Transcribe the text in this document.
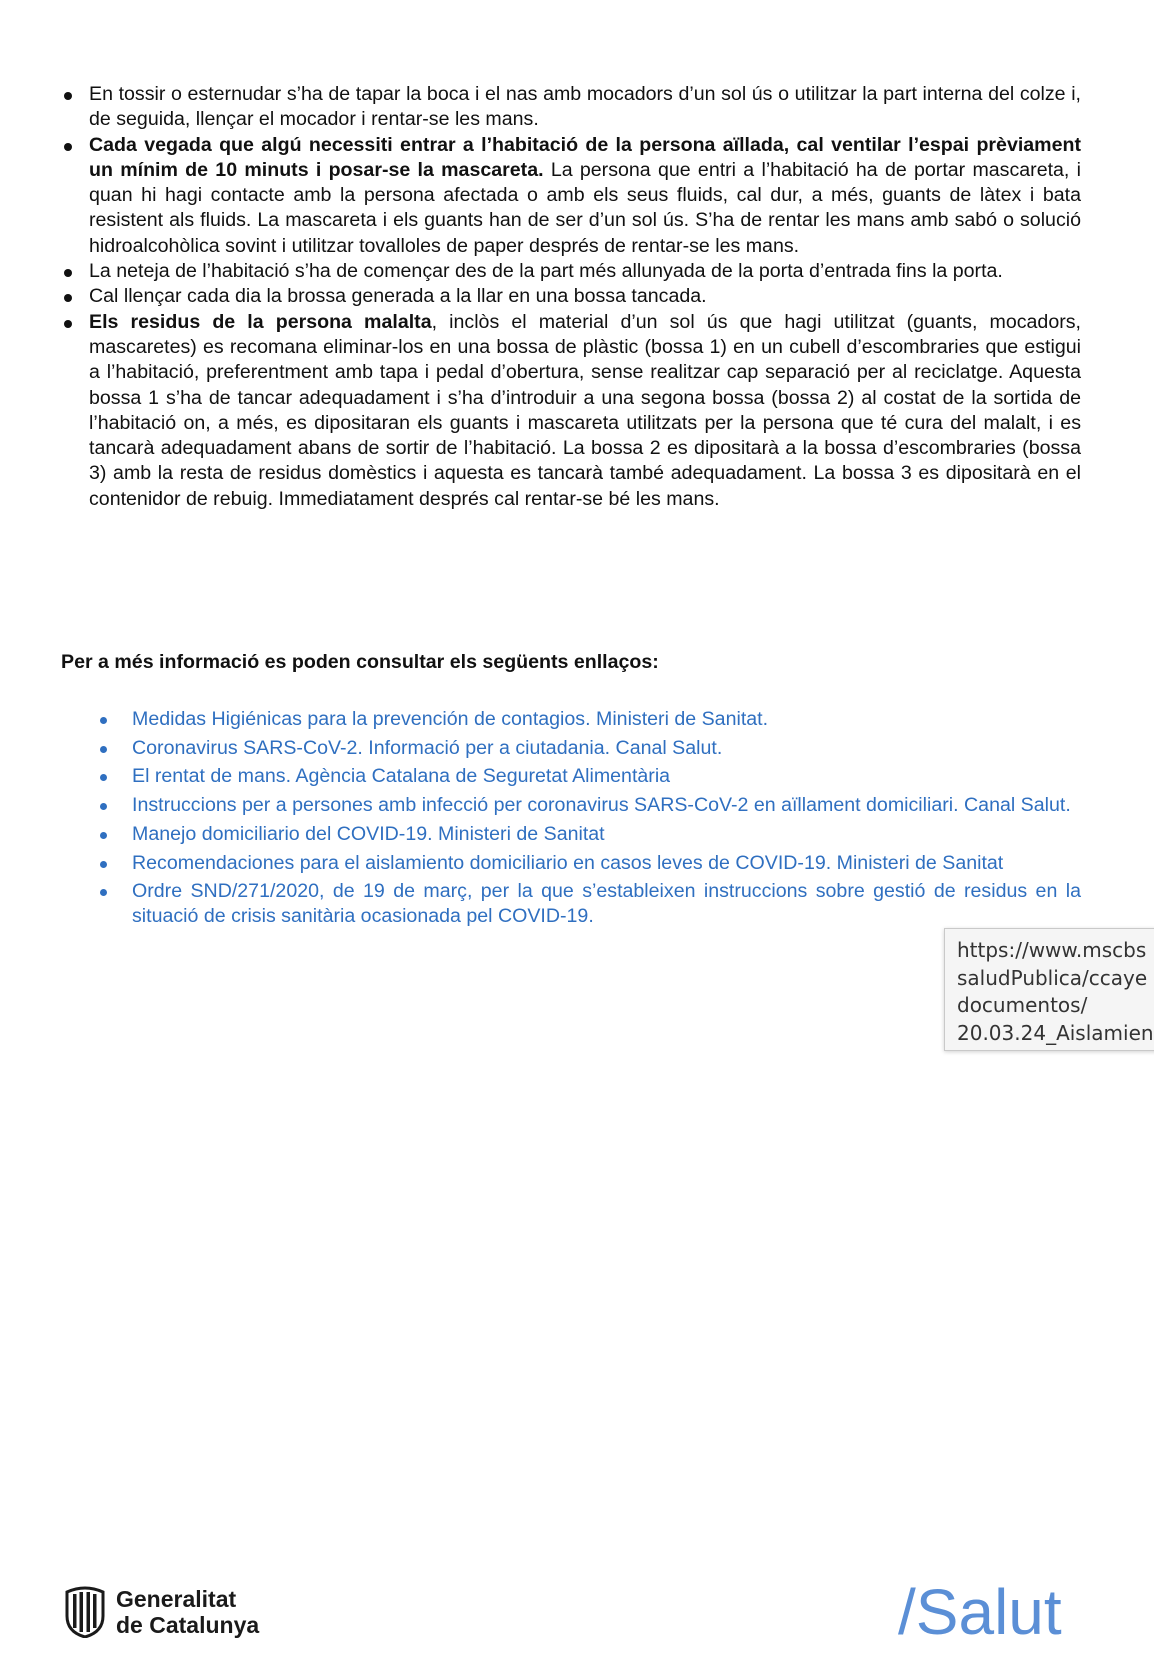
En tossir o esternudar s’ha de tapar la boca i el nas amb mocadors d’un sol ús o utilitzar la part interna del colze i, de seguida, llençar el mocador i rentar-se les mans.
Cada vegada que algú necessiti entrar a l’habitació de la persona aïllada, cal ventilar l’espai prèviament un mínim de 10 minuts i posar-se la mascareta. La persona que entri a l’habitació ha de portar mascareta, i quan hi hagi contacte amb la persona afectada o amb els seus fluids, cal dur, a més, guants de làtex i bata resistent als fluids. La mascareta i els guants han de ser d’un sol ús. S’ha de rentar les mans amb sabó o solució hidroalcohòlica sovint i utilitzar tovalloles de paper després de rentar-se les mans.
La neteja de l’habitació s’ha de començar des de la part més allunyada de la porta d’entrada fins la porta.
Cal llençar cada dia la brossa generada a la llar en una bossa tancada.
Els residus de la persona malalta, inclòs el material d’un sol ús que hagi utilitzat (guants, mocadors, mascaretes) es recomana eliminar-los en una bossa de plàstic (bossa 1) en un cubell d’escombraries que estigui a l’habitació, preferentment amb tapa i pedal d’obertura, sense realitzar cap separació per al reciclatge. Aquesta bossa 1 s’ha de tancar adequadament i s’ha d’introduir a una segona bossa (bossa 2) al costat de la sortida de l’habitació on, a més, es dipositaran els guants i mascareta utilitzats per la persona que té cura del malalt, i es tancarà adequadament abans de sortir de l’habitació. La bossa 2 es dipositarà a la bossa d’escombraries (bossa 3) amb la resta de residus domèstics i aquesta es tancarà també adequadament. La bossa 3 es dipositarà en el contenidor de rebuig. Immediatament després cal rentar-se bé les mans.

Per a més informació es poden consultar els següents enllaços:

Medidas Higiénicas para la prevención de contagios. Ministeri de Sanitat.
Coronavirus SARS-CoV-2. Informació per a ciutadania. Canal Salut.
El rentat de mans. Agència Catalana de Seguretat Alimentària
Instruccions per a persones amb infecció per coronavirus SARS-CoV-2 en aïllament domiciliari. Canal Salut.
Manejo domiciliario del COVID-19. Ministeri de Sanitat
Recomendaciones para el aislamiento domiciliario en casos leves de COVID-19. Ministeri de Sanitat
Ordre SND/271/2020, de 19 de març, per la que s’estableixen instruccions sobre gestió de residus en la situació de crisis sanitària ocasionada pel COVID-19.
https://www.mscbs
saludPublica/ccaye
documentos/
20.03.24_Aislamien
Generalitat
de Catalunya	/Salut
